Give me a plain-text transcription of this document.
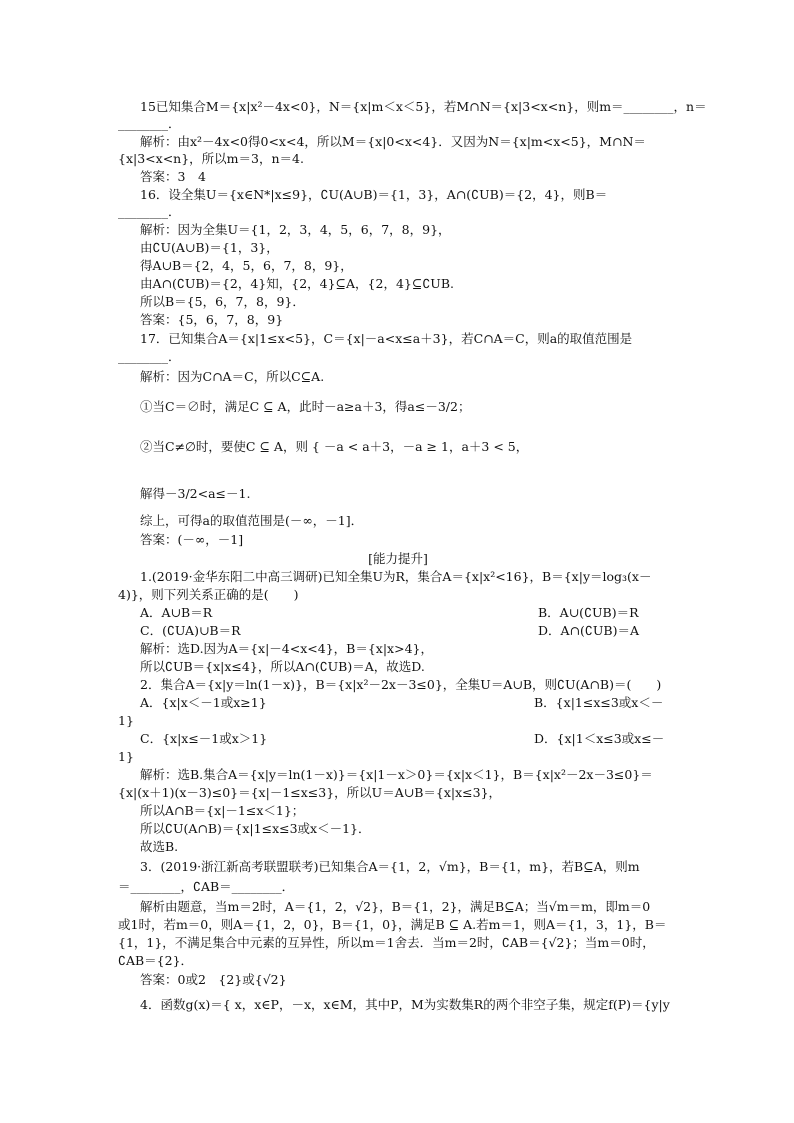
15已知集合M＝{x|x²－4x<0}，N＝{x|m＜x＜5}，若M∩N＝{x|3<x<n}，则m＝________，n＝
________．
解析：由x²－4x<0得0<x<4，所以M＝{x|0<x<4}．又因为N＝{x|m<x<5}，M∩N＝
{x|3<x<n}，所以m＝3，n＝4.
答案：3　4
16．设全集U＝{x∈N*|x≤9}，∁U(A∪B)＝{1，3}，A∩(∁UB)＝{2，4}，则B＝
________．
解析：因为全集U＝{1，2，3，4，5，6，7，8，9}，
由∁U(A∪B)＝{1，3}，
得A∪B＝{2，4，5，6，7，8，9}，
由A∩(∁UB)＝{2，4}知，{2，4}⊆A，{2，4}⊆∁UB.
所以B＝{5，6，7，8，9}．
答案：{5，6，7，8，9}
17．已知集合A＝{x|1≤x<5}，C＝{x|－a<x≤a＋3}，若C∩A＝C，则a的取值范围是
________．
解析：因为C∩A＝C，所以C⊆A.
①当C＝∅时，满足C ⊆ A，此时－a≥a＋3，得a≤－3/2；
②当C≠∅时，要使C ⊆ A，则 { －a < a＋3，－a ≥ 1，a＋3 < 5，
解得－3/2<a≤－1.
综上，可得a的取值范围是(－∞，－1]．
答案：(－∞，－1]
[能力提升]
1.(2019·金华东阳二中高三调研)已知全集U为R，集合A＝{x|x²<16}，B＝{x|y＝log₃(x－
4)}，则下列关系正确的是(　　)
A．A∪B＝R	B．A∪(∁UB)＝R
C．(∁UA)∪B＝R	D．A∩(∁UB)＝A
解析：选D.因为A＝{x|－4<x<4}，B＝{x|x>4}，
所以∁UB＝{x|x≤4}，所以A∩(∁UB)＝A，故选D.
2．集合A＝{x|y＝ln(1－x)}，B＝{x|x²－2x－3≤0}，全集U＝A∪B，则∁U(A∩B)＝(　　)
A．{x|x＜－1或x≥1}	B．{x|1≤x≤3或x＜－
1}
C．{x|x≤－1或x＞1}	D．{x|1＜x≤3或x≤－
1}
解析：选B.集合A＝{x|y＝ln(1－x)}＝{x|1－x＞0}＝{x|x＜1}，B＝{x|x²－2x－3≤0}＝
{x|(x＋1)(x－3)≤0}＝{x|－1≤x≤3}，所以U＝A∪B＝{x|x≤3}，
所以A∩B＝{x|－1≤x＜1}；
所以∁U(A∩B)＝{x|1≤x≤3或x＜－1}．
故选B.
3．(2019·浙江新高考联盟联考)已知集合A＝{1，2，√m}，B＝{1，m}，若B⊆A，则m
＝________，∁AB＝________．
解析由题意，当m＝2时，A＝{1，2，√2}，B＝{1，2}，满足B⊆A；当√m＝m，即m＝0
或1时，若m＝0，则A＝{1，2，0}，B＝{1，0}，满足B ⊆ A.若m＝1，则A＝{1，3，1}，B＝
{1，1}，不满足集合中元素的互异性，所以m＝1舍去．当m＝2时，∁AB＝{√2}；当m＝0时，
∁AB＝{2}．
答案：0或2　{2}或{√2}
4．函数g(x)＝{ x，x∈P，－x，x∈M，其中P，M为实数集R的两个非空子集，规定f(P)＝{y|y
